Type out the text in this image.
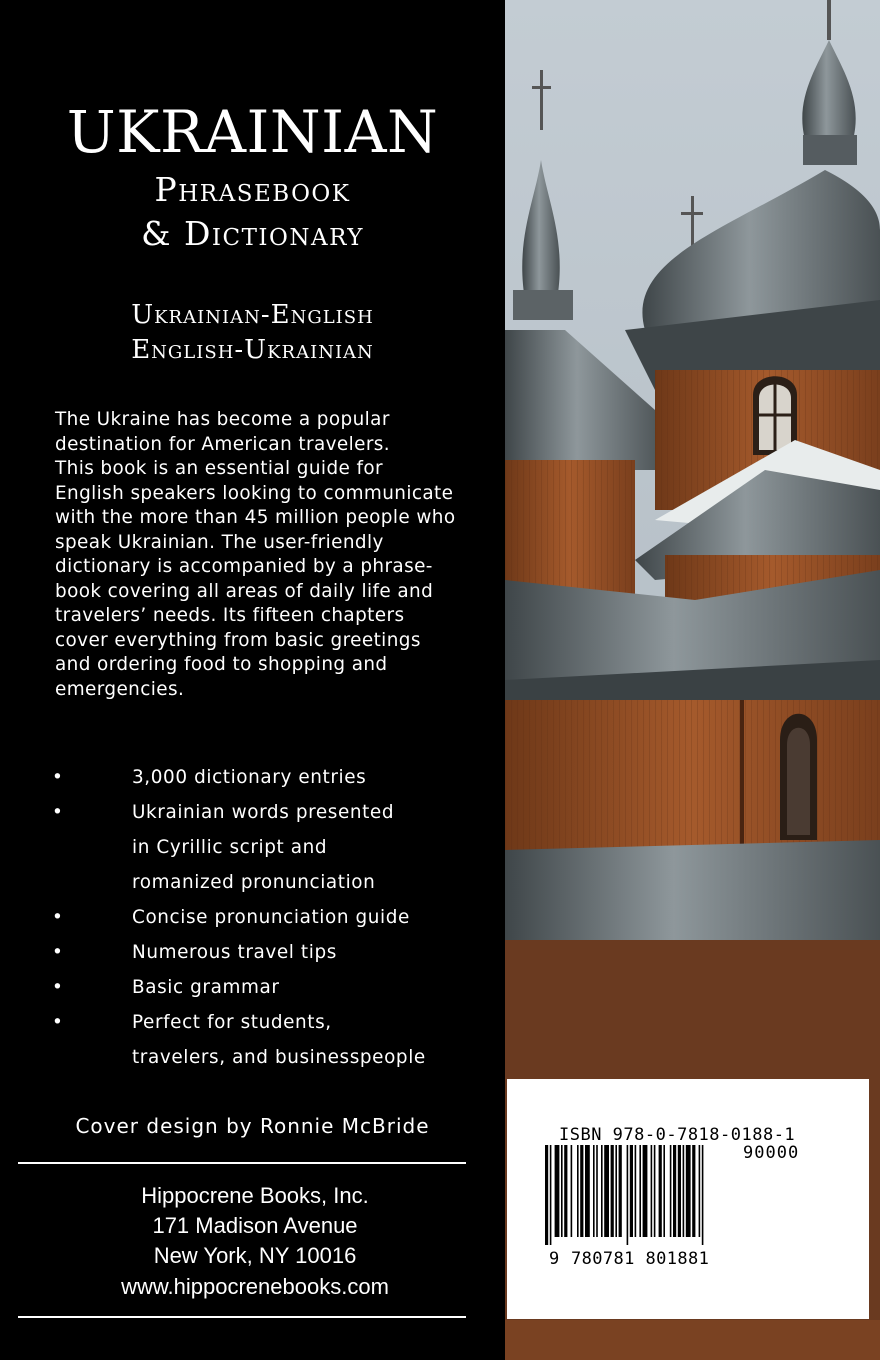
UKRAINIAN
Phrasebook
& Dictionary
Ukrainian-English
English-Ukrainian
The Ukraine has become a popular
destination for American travelers.
This book is an essential guide for
English speakers looking to communicate
with the more than 45 million people who
speak Ukrainian. The user-friendly
dictionary is accompanied by a phrase-
book covering all areas of daily life and
travelers’ needs. Its fifteen chapters
cover everything from basic greetings
and ordering food to shopping and
emergencies.
•	3,000 dictionary entries
•	Ukrainian words presented
in Cyrillic script and
romanized pronunciation
•	Concise pronunciation guide
•	Numerous travel tips
•	Basic grammar
•	Perfect for students,
travelers, and businesspeople
Cover design by Ronnie McBride
Hippocrene Books, Inc.
171 Madison Avenue
New York, NY 10016
www.hippocrenebooks.com
ISBN 978-0-7818-0188-1
90000
9 780781 801881
